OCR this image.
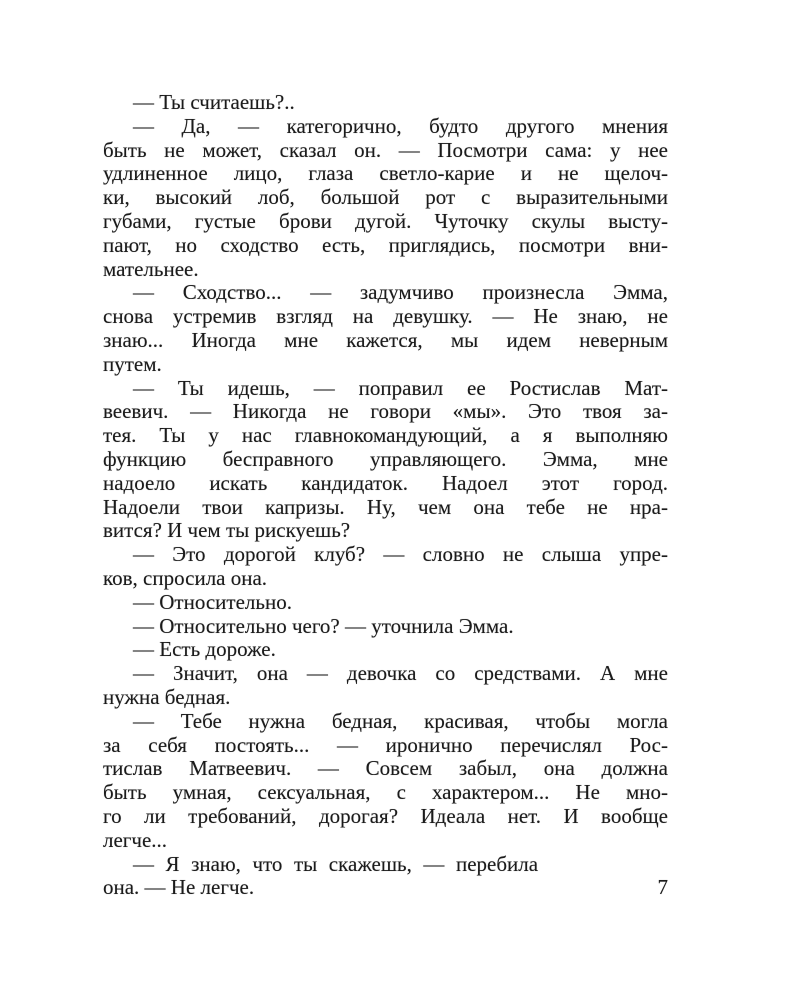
— Ты считаешь?..
— Да, — категорично, будто другого мнения
быть не может, сказал он. — Посмотри сама: у нее
удлиненное лицо, глаза светло-карие и не щелоч-
ки, высокий лоб, большой рот с выразительными
губами, густые брови дугой. Чуточку скулы высту-
пают, но сходство есть, приглядись, посмотри вни-
мательнее.
— Сходство... — задумчиво произнесла Эмма,
снова устремив взгляд на девушку. — Не знаю, не
знаю... Иногда мне кажется, мы идем неверным
путем.
— Ты идешь, — поправил ее Ростислав Мат-
веевич. — Никогда не говори «мы». Это твоя за-
тея. Ты у нас главнокомандующий, а я выполняю
функцию бесправного управляющего. Эмма, мне
надоело искать кандидаток. Надоел этот город.
Надоели твои капризы. Ну, чем она тебе не нра-
вится? И чем ты рискуешь?
— Это дорогой клуб? — словно не слыша упре-
ков, спросила она.
— Относительно.
— Относительно чего? — уточнила Эмма.
— Есть дороже.
— Значит, она — девочка со средствами. А мне
нужна бедная.
— Тебе нужна бедная, красивая, чтобы могла
за себя постоять... — иронично перечислял Рос-
тислав Матвеевич. — Совсем забыл, она должна
быть умная, сексуальная, с характером... Не мно-
го ли требований, дорогая? Идеала нет. И вообще
легче...
— Я знаю, что ты скажешь, — перебила
она. — Не легче.	7
